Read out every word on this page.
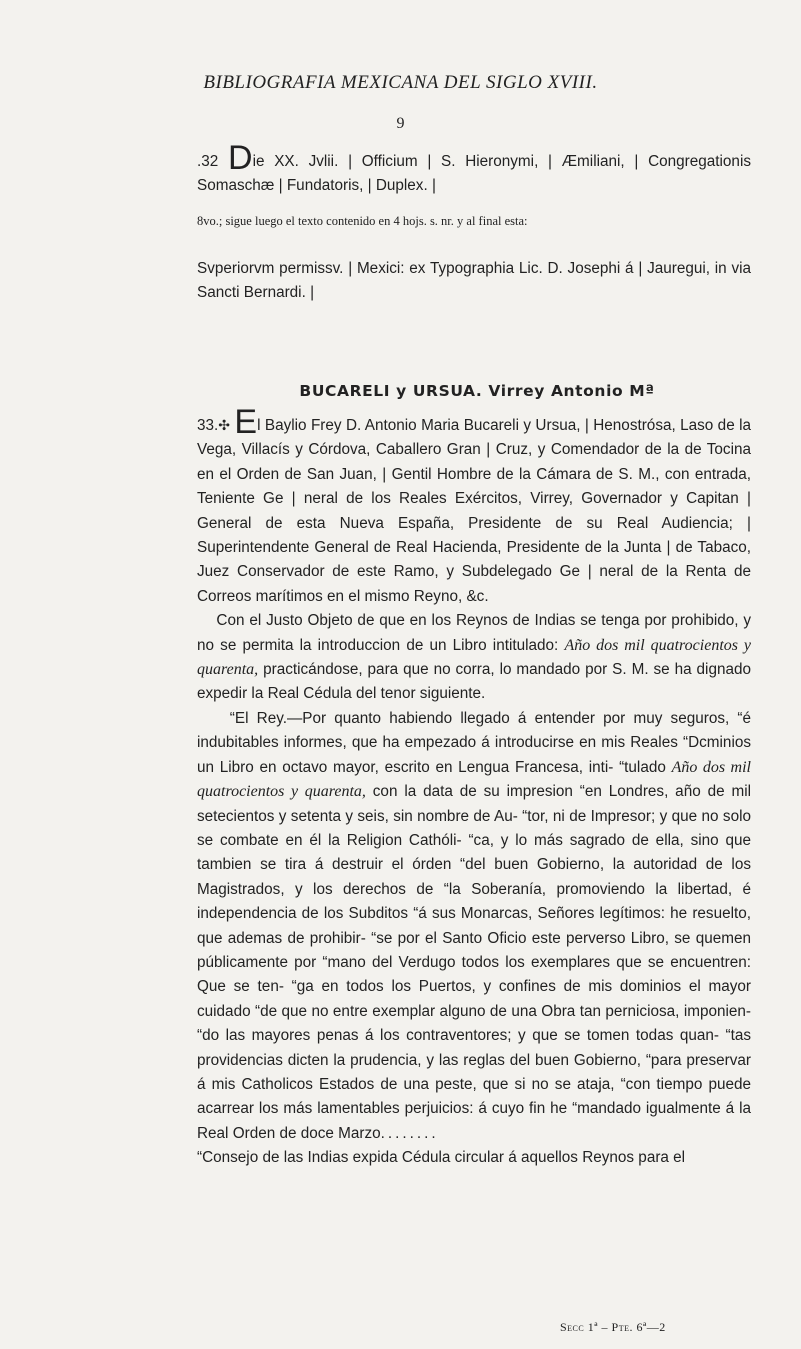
BIBLIOGRAFIA MEXICANA DEL SIGLO XVIII.
9
.32 Die XX. Jvlii. | Officium | S. Hieronymi, | Æmiliani, | Congregationis Somaschæ | Fundatoris, | Duplex. |
8vo.; sigue luego el texto contenido en 4 hojs. s. nr. y al final esta:
Svperiorvm permissv. | Mexici: ex Typographia Lic. D. Josephi á | Jauregui, in via Sancti Bernardi. |
BUCARELI y URSUA. Virrey Antonio Mª

33.✣ El Baylio Frey D. Antonio Maria Bucareli y Ursua, | Henostrósa, Laso de la Vega, Villacís y Córdova, Caballero Gran | Cruz, y Comendador de la de Tocina en el Orden de San Juan, | Gentil Hombre de la Cámara de S. M., con entrada, Teniente Ge | neral de los Reales Exércitos, Virrey, Governador y Capitan | General de esta Nueva España, Presidente de su Real Audiencia; | Superintendente General de Real Hacienda, Presidente de la Junta | de Tabaco, Juez Conservador de este Ramo, y Subdelegado Ge | neral de la Renta de Correos marítimos en el mismo Reyno, &c.

Con el Justo Objeto de que en los Reynos de Indias se tenga por prohibido, y no se permita la introduccion de un Libro intitulado: Año dos mil quatrocientos y quarenta, practicándose, para que no corra, lo mandado por S. M. se ha dignado expedir la Real Cédula del tenor siguiente.

“El Rey.—Por quanto habiendo llegado á entender por muy seguros, “é indubitables informes, que ha empezado á introducirse en mis Reales “Dcminios un Libro en octavo mayor, escrito en Lengua Francesa, inti- “tulado Año dos mil quatrocientos y quarenta, con la data de su impresion “en Londres, año de mil setecientos y setenta y seis, sin nombre de Au- “tor, ni de Impresor; y que no solo se combate en él la Religion Cathóli- “ca, y lo más sagrado de ella, sino que tambien se tira á destruir el órden “del buen Gobierno, la autoridad de los Magistrados, y los derechos de “la Soberanía, promoviendo la libertad, é independencia de los Subditos “á sus Monarcas, Señores legítimos: he resuelto, que ademas de prohibir- “se por el Santo Oficio este perverso Libro, se quemen públicamente por “mano del Verdugo todos los exemplares que se encuentren: Que se ten- “ga en todos los Puertos, y confines de mis dominios el mayor cuidado “de que no entre exemplar alguno de una Obra tan perniciosa, imponien- “do las mayores penas á los contraventores; y que se tomen todas quan- “tas providencias dicten la prudencia, y las reglas del buen Gobierno, “para preservar á mis Catholicos Estados de una peste, que si no se ataja, “con tiempo puede acarrear los más lamentables perjuicios: á cuyo fin he “mandado igualmente á la Real Orden de doce Marzo........

“Consejo de las Indias expida Cédula circular á aquellos Reynos para el

Secc 1ª – Pte. 6ª—2
